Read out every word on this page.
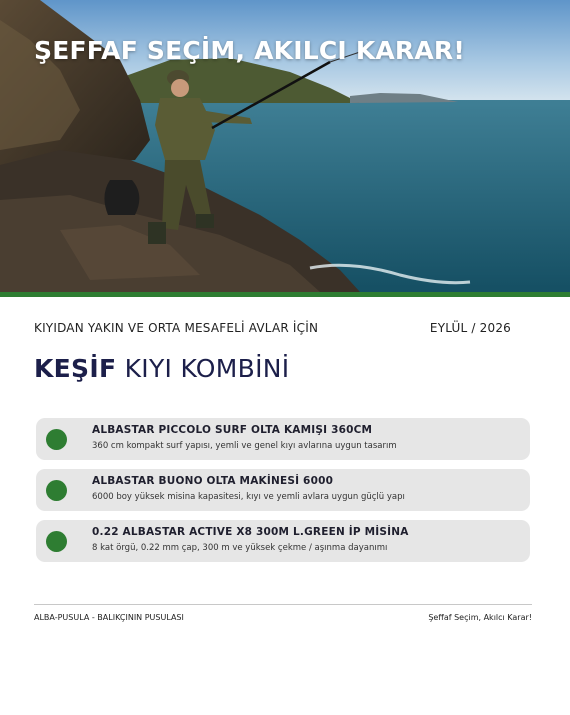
ŞEFFAF SEÇİM, AKILCI KARAR!
KIYIDAN YAKIN VE ORTA MESAFELİ AVLAR İÇİN	EYLÜL / 2026
KEŞİF KIYI KOMBİNİ
ALBASTAR PICCOLO SURF OLTA KAMIŞI 360CM
360 cm kompakt surf yapısı, yemli ve genel kıyı avlarına uygun tasarım
ALBASTAR BUONO OLTA MAKİNESİ 6000
6000 boy yüksek misina kapasitesi, kıyı ve yemli avlara uygun güçlü yapı
0.22 ALBASTAR ACTIVE X8 300M L.GREEN İP MİSİNA
8 kat örgü, 0.22 mm çap, 300 m ve yüksek çekme / aşınma dayanımı
ALBA-PUSULA - BALIKÇININ PUSULASI	Şeffaf Seçim, Akılcı Karar!
